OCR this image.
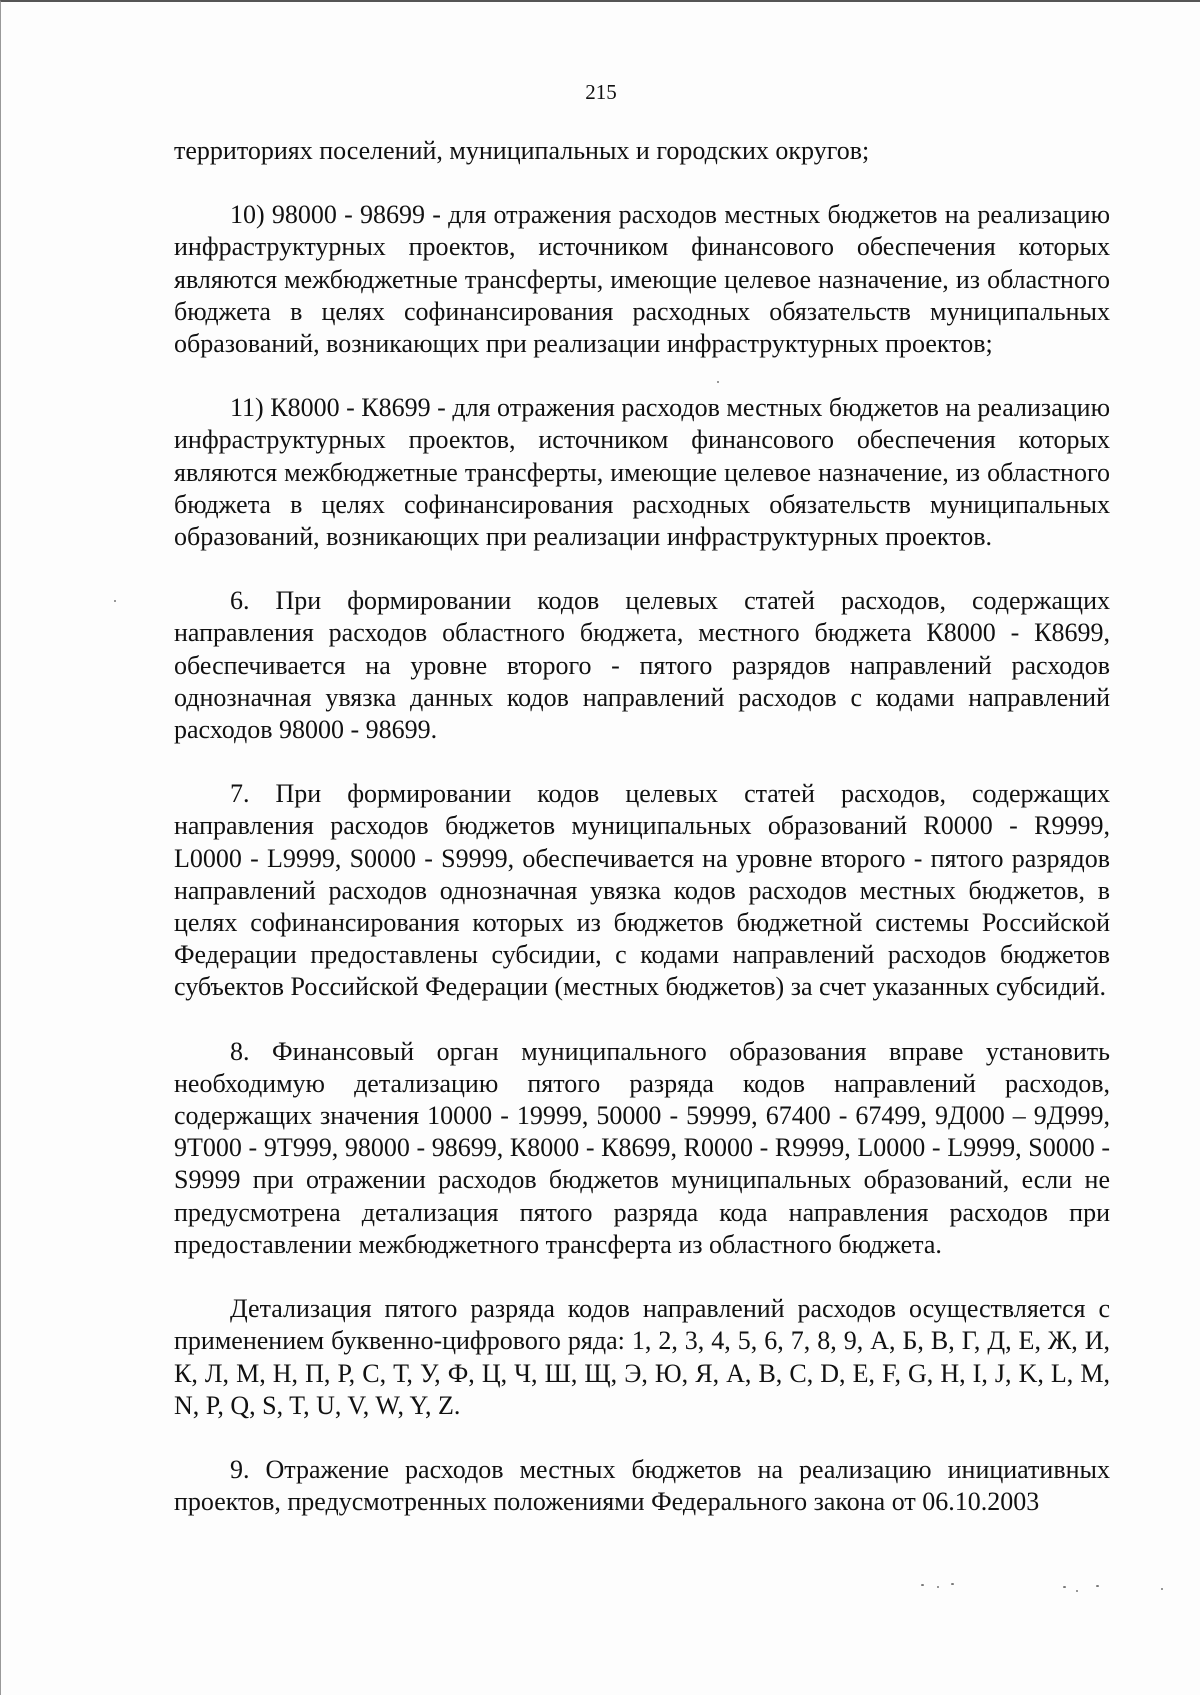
215

территориях поселений, муниципальных и городских округов;

10) 98000 - 98699 - для отражения расходов местных бюджетов на реализацию инфраструктурных проектов, источником финансового обеспечения которых являются межбюджетные трансферты, имеющие целевое назначение, из областного бюджета в целях софинансирования расходных обязательств муниципальных образований, возникающих при реализации инфраструктурных проектов;

11) К8000 - К8699 - для отражения расходов местных бюджетов на реализацию инфраструктурных проектов, источником финансового обеспечения которых являются межбюджетные трансферты, имеющие целевое назначение, из областного бюджета в целях софинансирования расходных обязательств муниципальных образований, возникающих при реализации инфраструктурных проектов.

6. При формировании кодов целевых статей расходов, содержащих направления расходов областного бюджета, местного бюджета К8000 - К8699, обеспечивается на уровне второго - пятого разрядов направлений расходов однозначная увязка данных кодов направлений расходов с кодами направлений расходов 98000 - 98699.

7. При формировании кодов целевых статей расходов, содержащих направления расходов бюджетов муниципальных образований R0000 - R9999, L0000 - L9999, S0000 - S9999, обеспечивается на уровне второго - пятого разрядов направлений расходов однозначная увязка кодов расходов местных бюджетов, в целях софинансирования которых из бюджетов бюджетной системы Российской Федерации предоставлены субсидии, с кодами направлений расходов бюджетов субъектов Российской Федерации (местных бюджетов) за счет указанных субсидий.

8. Финансовый орган муниципального образования вправе установить необходимую детализацию пятого разряда кодов направлений расходов, содержащих значения 10000 - 19999, 50000 - 59999, 67400 - 67499, 9Д000 – 9Д999, 9Т000 - 9Т999, 98000 - 98699, К8000 - К8699, R0000 - R9999, L0000 - L9999, S0000 - S9999 при отражении расходов бюджетов муниципальных образований, если не предусмотрена детализация пятого разряда кода направления расходов при предоставлении межбюджетного трансферта из областного бюджета.

Детализация пятого разряда кодов направлений расходов осуществляется с применением буквенно-цифрового ряда: 1, 2, 3, 4, 5, 6, 7, 8, 9, А, Б, В, Г, Д, Е, Ж, И, К, Л, М, Н, П, Р, С, Т, У, Ф, Ц, Ч, Ш, Щ, Э, Ю, Я, A, B, C, D, E, F, G, H, I, J, K, L, M, N, P, Q, S, T, U, V, W, Y, Z.

9. Отражение расходов местных бюджетов на реализацию инициативных проектов, предусмотренных положениями Федерального закона от 06.10.2003
